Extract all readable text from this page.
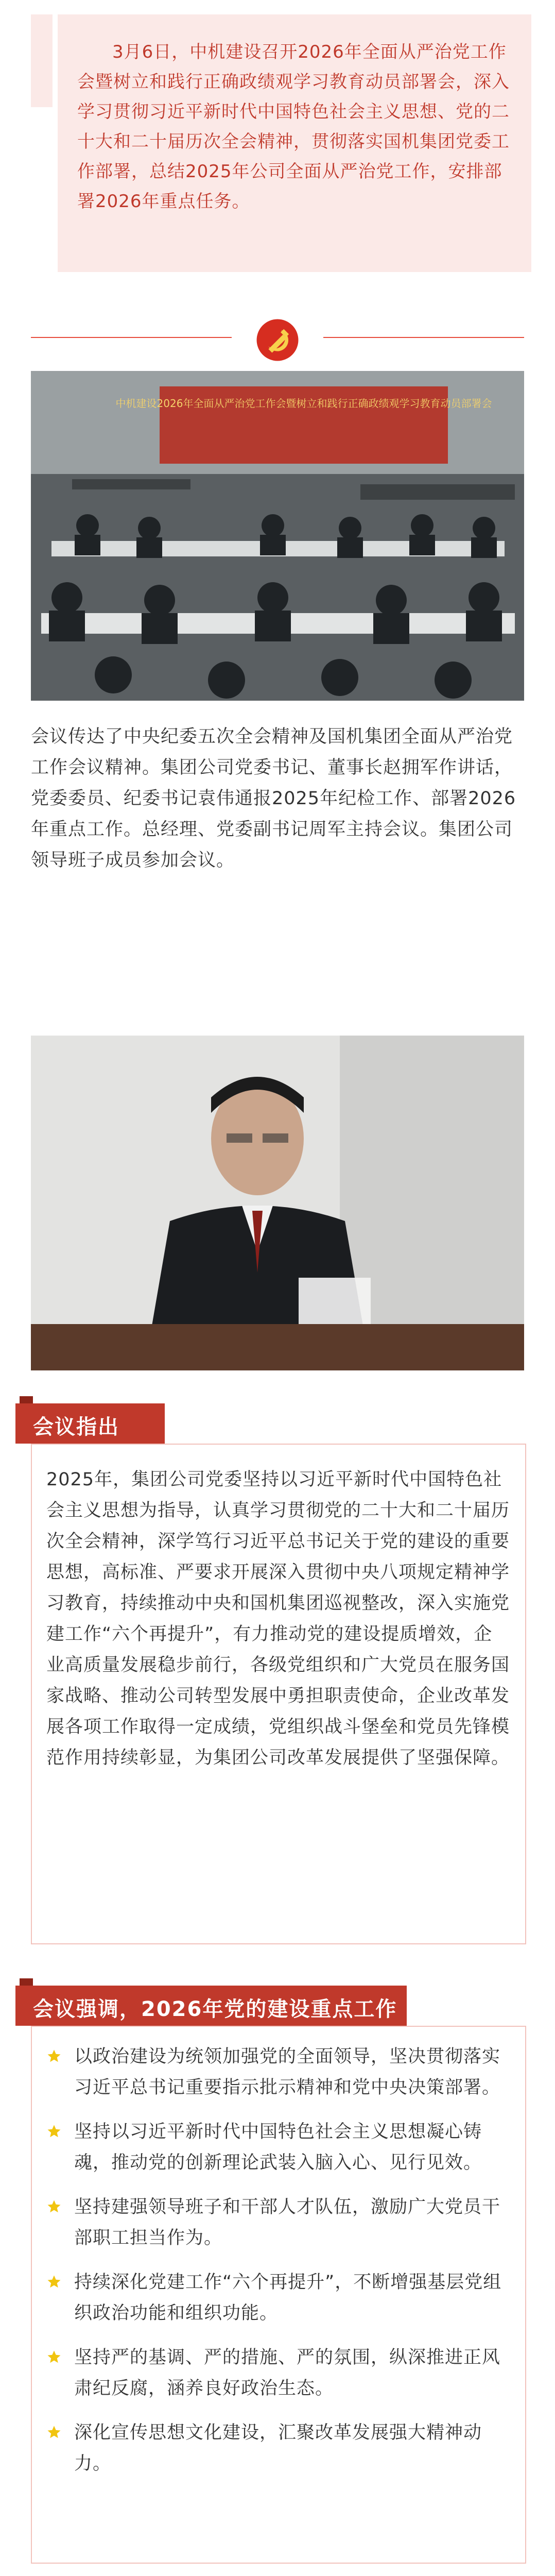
3月6日，中机建设召开2026年全面从严治党工作会暨树立和践行正确政绩观学习教育动员部署会，深入学习贯彻习近平新时代中国特色社会主义思想、党的二十大和二十届历次全会精神，贯彻落实国机集团党委工作部署，总结2025年公司全面从严治党工作，安排部署2026年重点任务。
中机建设2026年全面从严治党工作会暨树立和践行正确政绩观学习教育动员部署会
会议传达了中央纪委五次全会精神及国机集团全面从严治党工作会议精神。集团公司党委书记、董事长赵拥军作讲话，党委委员、纪委书记袁伟通报2025年纪检工作、部署2026年重点工作。总经理、党委副书记周军主持会议。集团公司领导班子成员参加会议。
会议指出
2025年，集团公司党委坚持以习近平新时代中国特色社会主义思想为指导，认真学习贯彻党的二十大和二十届历次全会精神，深学笃行习近平总书记关于党的建设的重要思想，高标准、严要求开展深入贯彻中央八项规定精神学习教育，持续推动中央和国机集团巡视整改，深入实施党建工作“六个再提升”，有力推动党的建设提质增效，企业高质量发展稳步前行，各级党组织和广大党员在服务国家战略、推动公司转型发展中勇担职责使命，企业改革发展各项工作取得一定成绩，党组织战斗堡垒和党员先锋模范作用持续彰显，为集团公司改革发展提供了坚强保障。
会议强调，2026年党的建设重点工作
以政治建设为统领加强党的全面领导，坚决贯彻落实习近平总书记重要指示批示精神和党中央决策部署。
坚持以习近平新时代中国特色社会主义思想凝心铸魂，推动党的创新理论武装入脑入心、见行见效。
坚持建强领导班子和干部人才队伍，激励广大党员干部职工担当作为。
持续深化党建工作“六个再提升”，不断增强基层党组织政治功能和组织功能。
坚持严的基调、严的措施、严的氛围，纵深推进正风肃纪反腐，涵养良好政治生态。
深化宣传思想文化建设，汇聚改革发展强大精神动力。
